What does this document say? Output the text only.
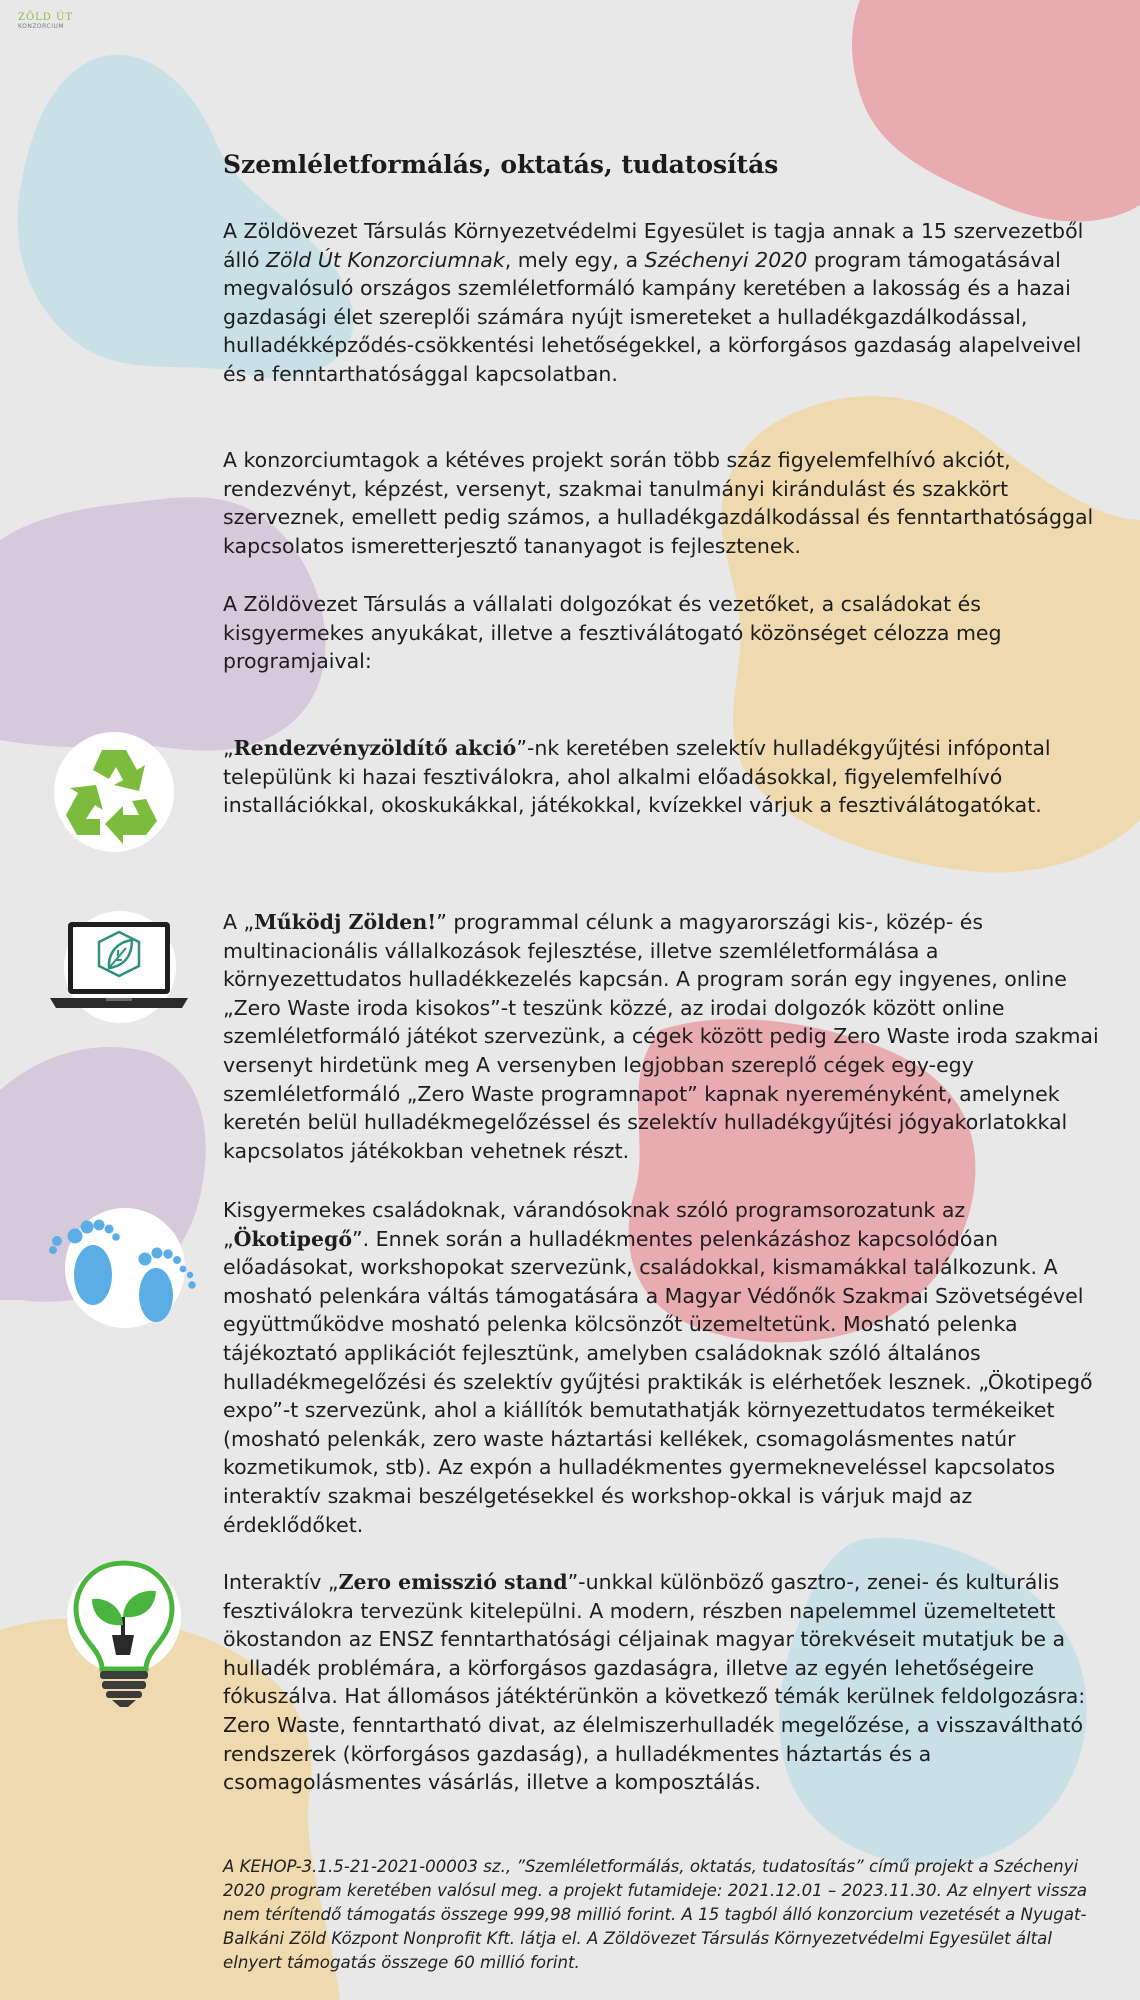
ZÖLD ÚT
KONZORCIUM
Szemléletformálás, oktatás, tudatosítás

A Zöldövezet Társulás Környezetvédelmi Egyesület is tagja annak a 15 szervezetből álló Zöld Út Konzorciumnak, mely egy, a Széchenyi 2020 program támogatásával megvalósuló országos szemléletformáló kampány keretében a lakosság és a hazai gazdasági élet szereplői számára nyújt ismereteket a hulladékgazdálkodással, hulladékképződés-csökkentési lehetőségekkel, a körforgásos gazdaság alapelveivel és a fenntarthatósággal kapcsolatban.

A konzorciumtagok a kétéves projekt során több száz figyelemfelhívó akciót, rendezvényt, képzést, versenyt, szakmai tanulmányi kirándulást és szakkört szerveznek, emellett pedig számos, a hulladékgazdálkodással és fenntarthatósággal kapcsolatos ismeretterjesztő tananyagot is fejlesztenek.

A Zöldövezet Társulás a vállalati dolgozókat és vezetőket, a családokat és kisgyermekes anyukákat, illetve a fesztiválátogató közönséget célozza meg programjaival:

„Rendezvényzöldítő akció”-nk keretében szelektív hulladékgyűjtési infópontal települünk ki hazai fesztiválokra, ahol alkalmi előadásokkal, figyelemfelhívó installációkkal, okoskukákkal, játékokkal, kvízekkel várjuk a fesztiválátogatókat.

A „Működj Zölden!” programmal célunk a magyarországi kis-, közép- és multinacionális vállalkozások fejlesztése, illetve szemléletformálása a környezettudatos hulladékkezelés kapcsán. A program során egy ingyenes, online „Zero Waste iroda kisokos”-t teszünk közzé, az irodai dolgozók között online szemléletformáló játékot szervezünk, a cégek között pedig Zero Waste iroda szakmai versenyt hirdetünk meg A versenyben legjobban szereplő cégek egy-egy szemléletformáló „Zero Waste programnapot” kapnak nyereményként, amelynek keretén belül hulladékmegelőzéssel és szelektív hulladékgyűjtési jógyakorlatokkal kapcsolatos játékokban vehetnek részt.

Kisgyermekes családoknak, várandósoknak szóló programsorozatunk az „Ökotipegő”. Ennek során a hulladékmentes pelenkázáshoz kapcsolódóan előadásokat, workshopokat szervezünk, családokkal, kismamákkal találkozunk. A mosható pelenkára váltás támogatására a Magyar Védőnők Szakmai Szövetségével együttműködve mosható pelenka kölcsönzőt üzemeltetünk. Mosható pelenka tájékoztató applikációt fejlesztünk, amelyben családoknak szóló általános hulladékmegelőzési és szelektív gyűjtési praktikák is elérhetőek lesznek. „Ökotipegő expo”-t szervezünk, ahol a kiállítók bemutathatják környezettudatos termékeiket (mosható pelenkák, zero waste háztartási kellékek, csomagolásmentes natúr kozmetikumok, stb). Az expón a hulladékmentes gyermekneveléssel kapcsolatos interaktív szakmai beszélgetésekkel és workshop-okkal is várjuk majd az érdeklődőket.

Interaktív „Zero emisszió stand”-unkkal különböző gasztro-, zenei- és kulturális fesztiválokra tervezünk kitelepülni. A modern, részben napelemmel üzemeltetett ökostandon az ENSZ fenntarthatósági céljainak magyar törekvéseit mutatjuk be a hulladék problémára, a körforgásos gazdaságra, illetve az egyén lehetőségeire fókuszálva. Hat állomásos játéktérünkön a következő témák kerülnek feldolgozásra: Zero Waste, fenntartható divat, az élelmiszerhulladék megelőzése, a visszaváltható rendszerek (körforgásos gazdaság), a hulladékmentes háztartás és a csomagolásmentes vásárlás, illetve a komposztálás.

A KEHOP-3.1.5-21-2021-00003 sz., ”Szemléletformálás, oktatás, tudatosítás” című projekt a Széchenyi 2020 program keretében valósul meg. a projekt futamideje: 2021.12.01 – 2023.11.30. Az elnyert vissza nem térítendő támogatás összege 999,98 millió forint. A 15 tagból álló konzorcium vezetését a Nyugat-Balkáni Zöld Központ Nonprofit Kft. látja el. A Zöldövezet Társulás Környezetvédelmi Egyesület által elnyert támogatás összege 60 millió forint.
